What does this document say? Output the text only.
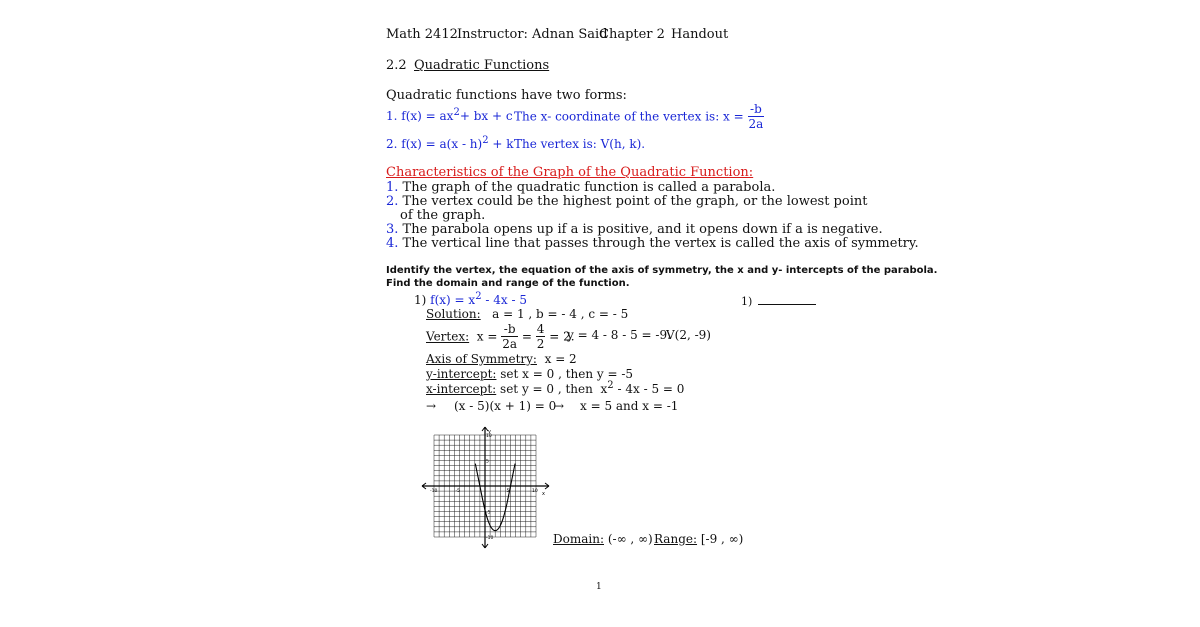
Math 2412 Instructor: Adnan Said
Chapter 2 Handout
2.2 Quadratic Functions
Quadratic functions have two forms:
1. $f(x) = ax^2+$ bx + c The x- coordinate of the vertex is: $x = \frac{-b}{2a}$
2. f(x) = a(x - h)$^2$ + k The vertex is: V(h, k).
Characteristics of the Graph of the Quadratic Function:
1. The graph of the quadratic function is called a parabola.
2. The vertex could be the highest point of the graph, or the lowest point
of the graph.
3. The parabola opens up if a is positive, and it opens down if a is negative.
4. The vertical line that passes through the vertex is called the axis of symmetry.
Identify the vertex, the equation of the axis of symmetry, the x and y- intercepts of the parabola.
Find the domain and range of the function.
1) $f(x) = x^2 - 4x - 5$	1)
Solution: a = 1 , b = - 4 , c = - 5
Vertex: $x = \frac{-b}{2a} = \frac{4}{2} = 2$.
y = 4 - 8 - 5 = -9.
V(2, -9)
Axis of Symmetry: x = 2
y-intercept: set x = 0 , then y = -5
x-intercept: set y = 0 , then $x^2 - 4x - 5 = 0$
→ (x - 5)(x + 1) = 0
→ x = 5 and x = -1
x
y
-10	-5	5	10
-10
-5
5
10
Domain: (-∞ , ∞) Range: [-9 , ∞)
1
